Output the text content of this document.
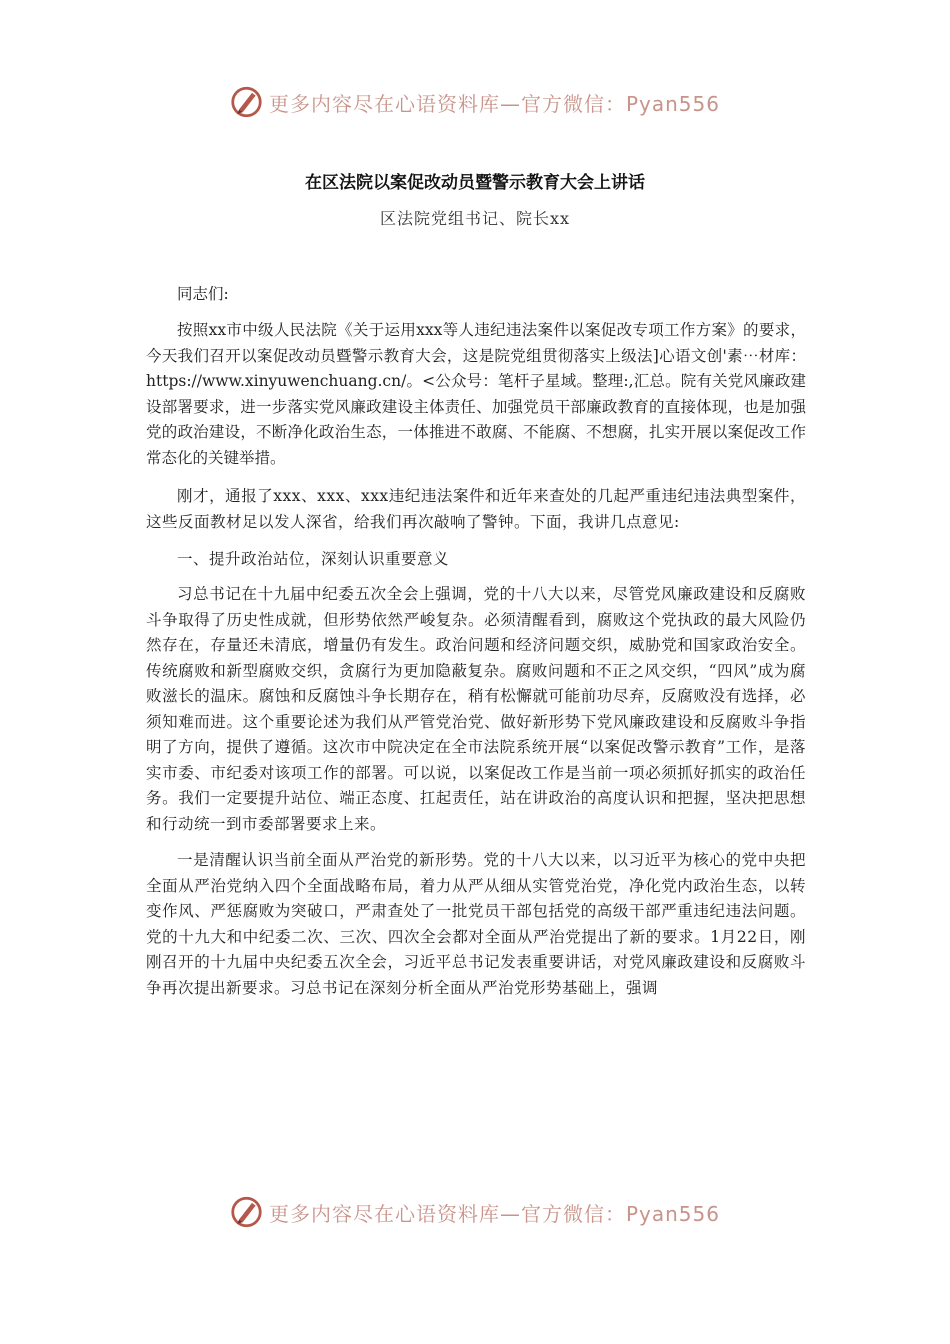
更多内容尽在心语资料库—官方微信：Pyan556
在区法院以案促改动员暨警示教育大会上讲话
区法院党组书记、院长xx

同志们:

按照xx市中级人民法院《关于运用xxx等人违纪违法案件以案促改专项工作方案》的要求，今天我们召开以案促改动员暨警示教育大会，这是院党组贯彻落实上级法]心语文创'素⋯材库：https://www.xinyuwenchuang.cn/。<公众号：笔杆子星域。整理:,汇总。院有关党风廉政建设部署要求，进一步落实党风廉政建设主体责任、加强党员干部廉政教育的直接体现，也是加强党的政治建设，不断净化政治生态，一体推进不敢腐、不能腐、不想腐，扎实开展以案促改工作常态化的关键举措。

刚才，通报了xxx、xxx、xxx违纪违法案件和近年来查处的几起严重违纪违法典型案件，这些反面教材足以发人深省，给我们再次敲响了警钟。下面，我讲几点意见:

一、提升政治站位，深刻认识重要意义

习总书记在十九届中纪委五次全会上强调，党的十八大以来，尽管党风廉政建设和反腐败斗争取得了历史性成就，但形势依然严峻复杂。必须清醒看到，腐败这个党执政的最大风险仍然存在，存量还未清底，增量仍有发生。政治问题和经济问题交织，威胁党和国家政治安全。传统腐败和新型腐败交织，贪腐行为更加隐蔽复杂。腐败问题和不正之风交织，“四风”成为腐败滋长的温床。腐蚀和反腐蚀斗争长期存在，稍有松懈就可能前功尽弃，反腐败没有选择，必须知难而进。这个重要论述为我们从严管党治党、做好新形势下党风廉政建设和反腐败斗争指明了方向，提供了遵循。这次市中院决定在全市法院系统开展“以案促改警示教育”工作，是落实市委、市纪委对该项工作的部署。可以说，以案促改工作是当前一项必须抓好抓实的政治任务。我们一定要提升站位、端正态度、扛起责任，站在讲政治的高度认识和把握，坚决把思想和行动统一到市委部署要求上来。

一是清醒认识当前全面从严治党的新形势。党的十八大以来，以习近平为核心的党中央把全面从严治党纳入四个全面战略布局，着力从严从细从实管党治党，净化党内政治生态，以转变作风、严惩腐败为突破口，严肃查处了一批党员干部包括党的高级干部严重违纪违法问题。党的十九大和中纪委二次、三次、四次全会都对全面从严治党提出了新的要求。1月22日，刚刚召开的十九届中央纪委五次全会，习近平总书记发表重要讲话，对党风廉政建设和反腐败斗争再次提出新要求。习总书记在深刻分析全面从严治党形势基础上，强调

更多内容尽在心语资料库—官方微信：Pyan556
